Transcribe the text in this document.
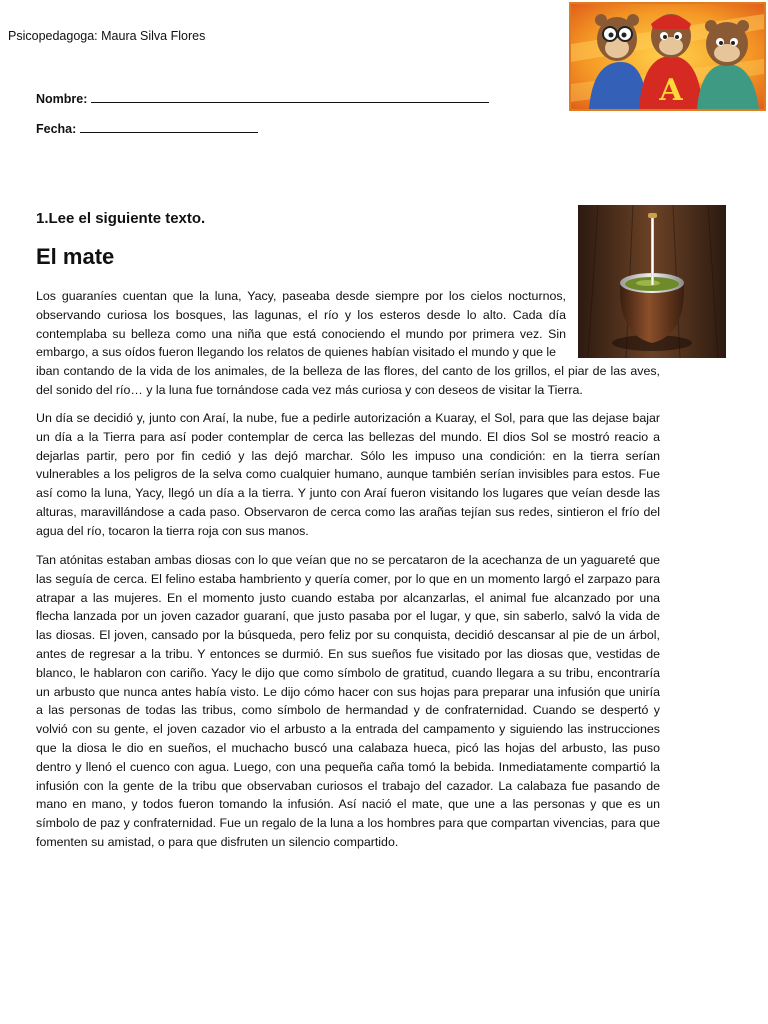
Psicopedagoga: Maura Silva Flores
Nombre:
Fecha:
A
1.Lee el siguiente texto.
El mate

Los guaraníes cuentan que la luna, Yacy, paseaba desde siempre por los cielos nocturnos, observando curiosa los bosques, las lagunas, el río y los esteros desde lo alto. Cada día contemplaba su belleza como una niña que está conociendo el mundo por primera vez. Sin embargo, a sus oídos fueron llegando los relatos de quienes habían visitado el mundo y que le
iban contando de la vida de los animales, de la belleza de las flores, del canto de los grillos, el piar de las aves, del sonido del río… y la luna fue tornándose cada vez más curiosa y con deseos de visitar la Tierra.

Un día se decidió y, junto con Araí, la nube, fue a pedirle autorización a Kuaray, el Sol, para que las dejase bajar un día a la Tierra para así poder contemplar de cerca las bellezas del mundo. El dios Sol se mostró reacio a dejarlas partir, pero por fin cedió y las dejó marchar. Sólo les impuso una condición: en la tierra serían vulnerables a los peligros de la selva como cualquier humano, aunque también serían invisibles para estos. Fue así como la luna, Yacy, llegó un día a la tierra. Y junto con Araí fueron visitando los lugares que veían desde las alturas, maravillándose a cada paso. Observaron de cerca como las arañas tejían sus redes, sintieron el frío del agua del río, tocaron la tierra roja con sus manos.

Tan atónitas estaban ambas diosas con lo que veían que no se percataron de la acechanza de un yaguareté que las seguía de cerca. El felino estaba hambriento y quería comer, por lo que en un momento largó el zarpazo para atrapar a las mujeres. En el momento justo cuando estaba por alcanzarlas, el animal fue alcanzado por una flecha lanzada por un joven cazador guaraní, que justo pasaba por el lugar, y que, sin saberlo, salvó la vida de las diosas. El joven, cansado por la búsqueda, pero feliz por su conquista, decidió descansar al pie de un árbol, antes de regresar a la tribu. Y entonces se durmió. En sus sueños fue visitado por las diosas que, vestidas de blanco, le hablaron con cariño. Yacy le dijo que como símbolo de gratitud, cuando llegara a su tribu, encontraría un arbusto que nunca antes había visto. Le dijo cómo hacer con sus hojas para preparar una infusión que uniría a las personas de todas las tribus, como símbolo de hermandad y de confraternidad. Cuando se despertó y volvió con su gente, el joven cazador vio el arbusto a la entrada del campamento y siguiendo las instrucciones que la diosa le dio en sueños, el muchacho buscó una calabaza hueca, picó las hojas del arbusto, las puso dentro y llenó el cuenco con agua. Luego, con una pequeña caña tomó la bebida. Inmediatamente compartió la infusión con la gente de la tribu que observaban curiosos el trabajo del cazador. La calabaza fue pasando de mano en mano, y todos fueron tomando la infusión. Así nació el mate, que une a las personas y que es un símbolo de paz y confraternidad. Fue un regalo de la luna a los hombres para que compartan vivencias, para que fomenten su amistad, o para que disfruten un silencio compartido.
